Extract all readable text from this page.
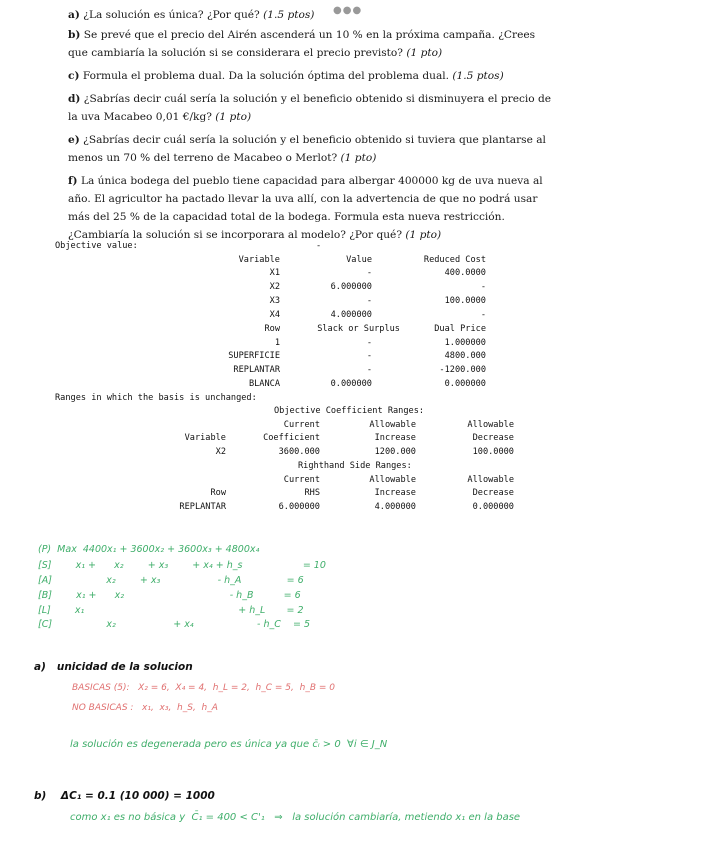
●●●
a) ¿La solución es única? ¿Por qué? (1.5 ptos)
b) Se prevé que el precio del Airén ascenderá un 10 % en la próxima campaña. ¿Crees que cambiaría la solución si se considerara el precio previsto? (1 pto)
c) Formula el problema dual. Da la solución óptima del problema dual. (1.5 ptos)
d) ¿Sabrías decir cuál sería la solución y el beneficio obtenido si disminuyera el precio de la uva Macabeo 0,01 €/kg? (1 pto)
e) ¿Sabrías decir cuál sería la solución y el beneficio obtenido si tuviera que plantarse al menos un 70 % del terreno de Macabeo o Merlot? (1 pto)
f) La única bodega del pueblo tiene capacidad para albergar 400000 kg de uva nueva al año. El agricultor ha pactado llevar la uva allí, con la advertencia de que no podrá usar más del 25 % de la capacidad total de la bodega. Formula esta nueva restricción. ¿Cambiaría la solución si se incorporara al modelo? ¿Por qué? (1 pto)
Objective value:	-
Variable	Value	Reduced Cost
X1	-	400.0000
X2	6.000000	-
X3	-	100.0000
X4	4.000000	-
Row	Slack or Surplus	Dual Price
1	-	1.000000
SUPERFICIE	-	4800.000
REPLANTAR	-	-1200.000
BLANCA	0.000000	0.000000
Ranges in which the basis is unchanged:
Objective Coefficient Ranges:
Current	Allowable	Allowable
Variable	Coefficient	Increase	Decrease
X2	3600.000	1200.000	100.0000
Righthand Side Ranges:
Current	Allowable	Allowable
Row	RHS	Increase	Decrease
REPLANTAR	6.000000	4.000000	0.000000
(P)  Max  4400x₁ + 3600x₂ + 3600x₃ + 4800x₄
[S]        x₁ +      x₂        + x₃        + x₄ + h_s                    = 10
[A]                  x₂        + x₃                   - h_A               = 6
[B]        x₁ +      x₂                                   - h_B          = 6
[L]        x₁                                                   + h_L       = 2
[C]                  x₂                   + x₄                     - h_C    = 5
a)   unicidad de la solucion
BASICAS (5):   X₂ = 6,  X₄ = 4,  h_L = 2,  h_C = 5,  h_B = 0
NO BASICAS :   x₁,  x₃,  h_S,  h_A
la solución es degenerada pero es única ya que c̄ᵢ > 0  ∀i ∈ J_N
b)    ΔC₁ = 0.1 (10 000) = 1000
como x₁ es no básica y  C̄₁ = 400 < C'₁   ⇒   la solución cambiaría, metiendo x₁ en la base
